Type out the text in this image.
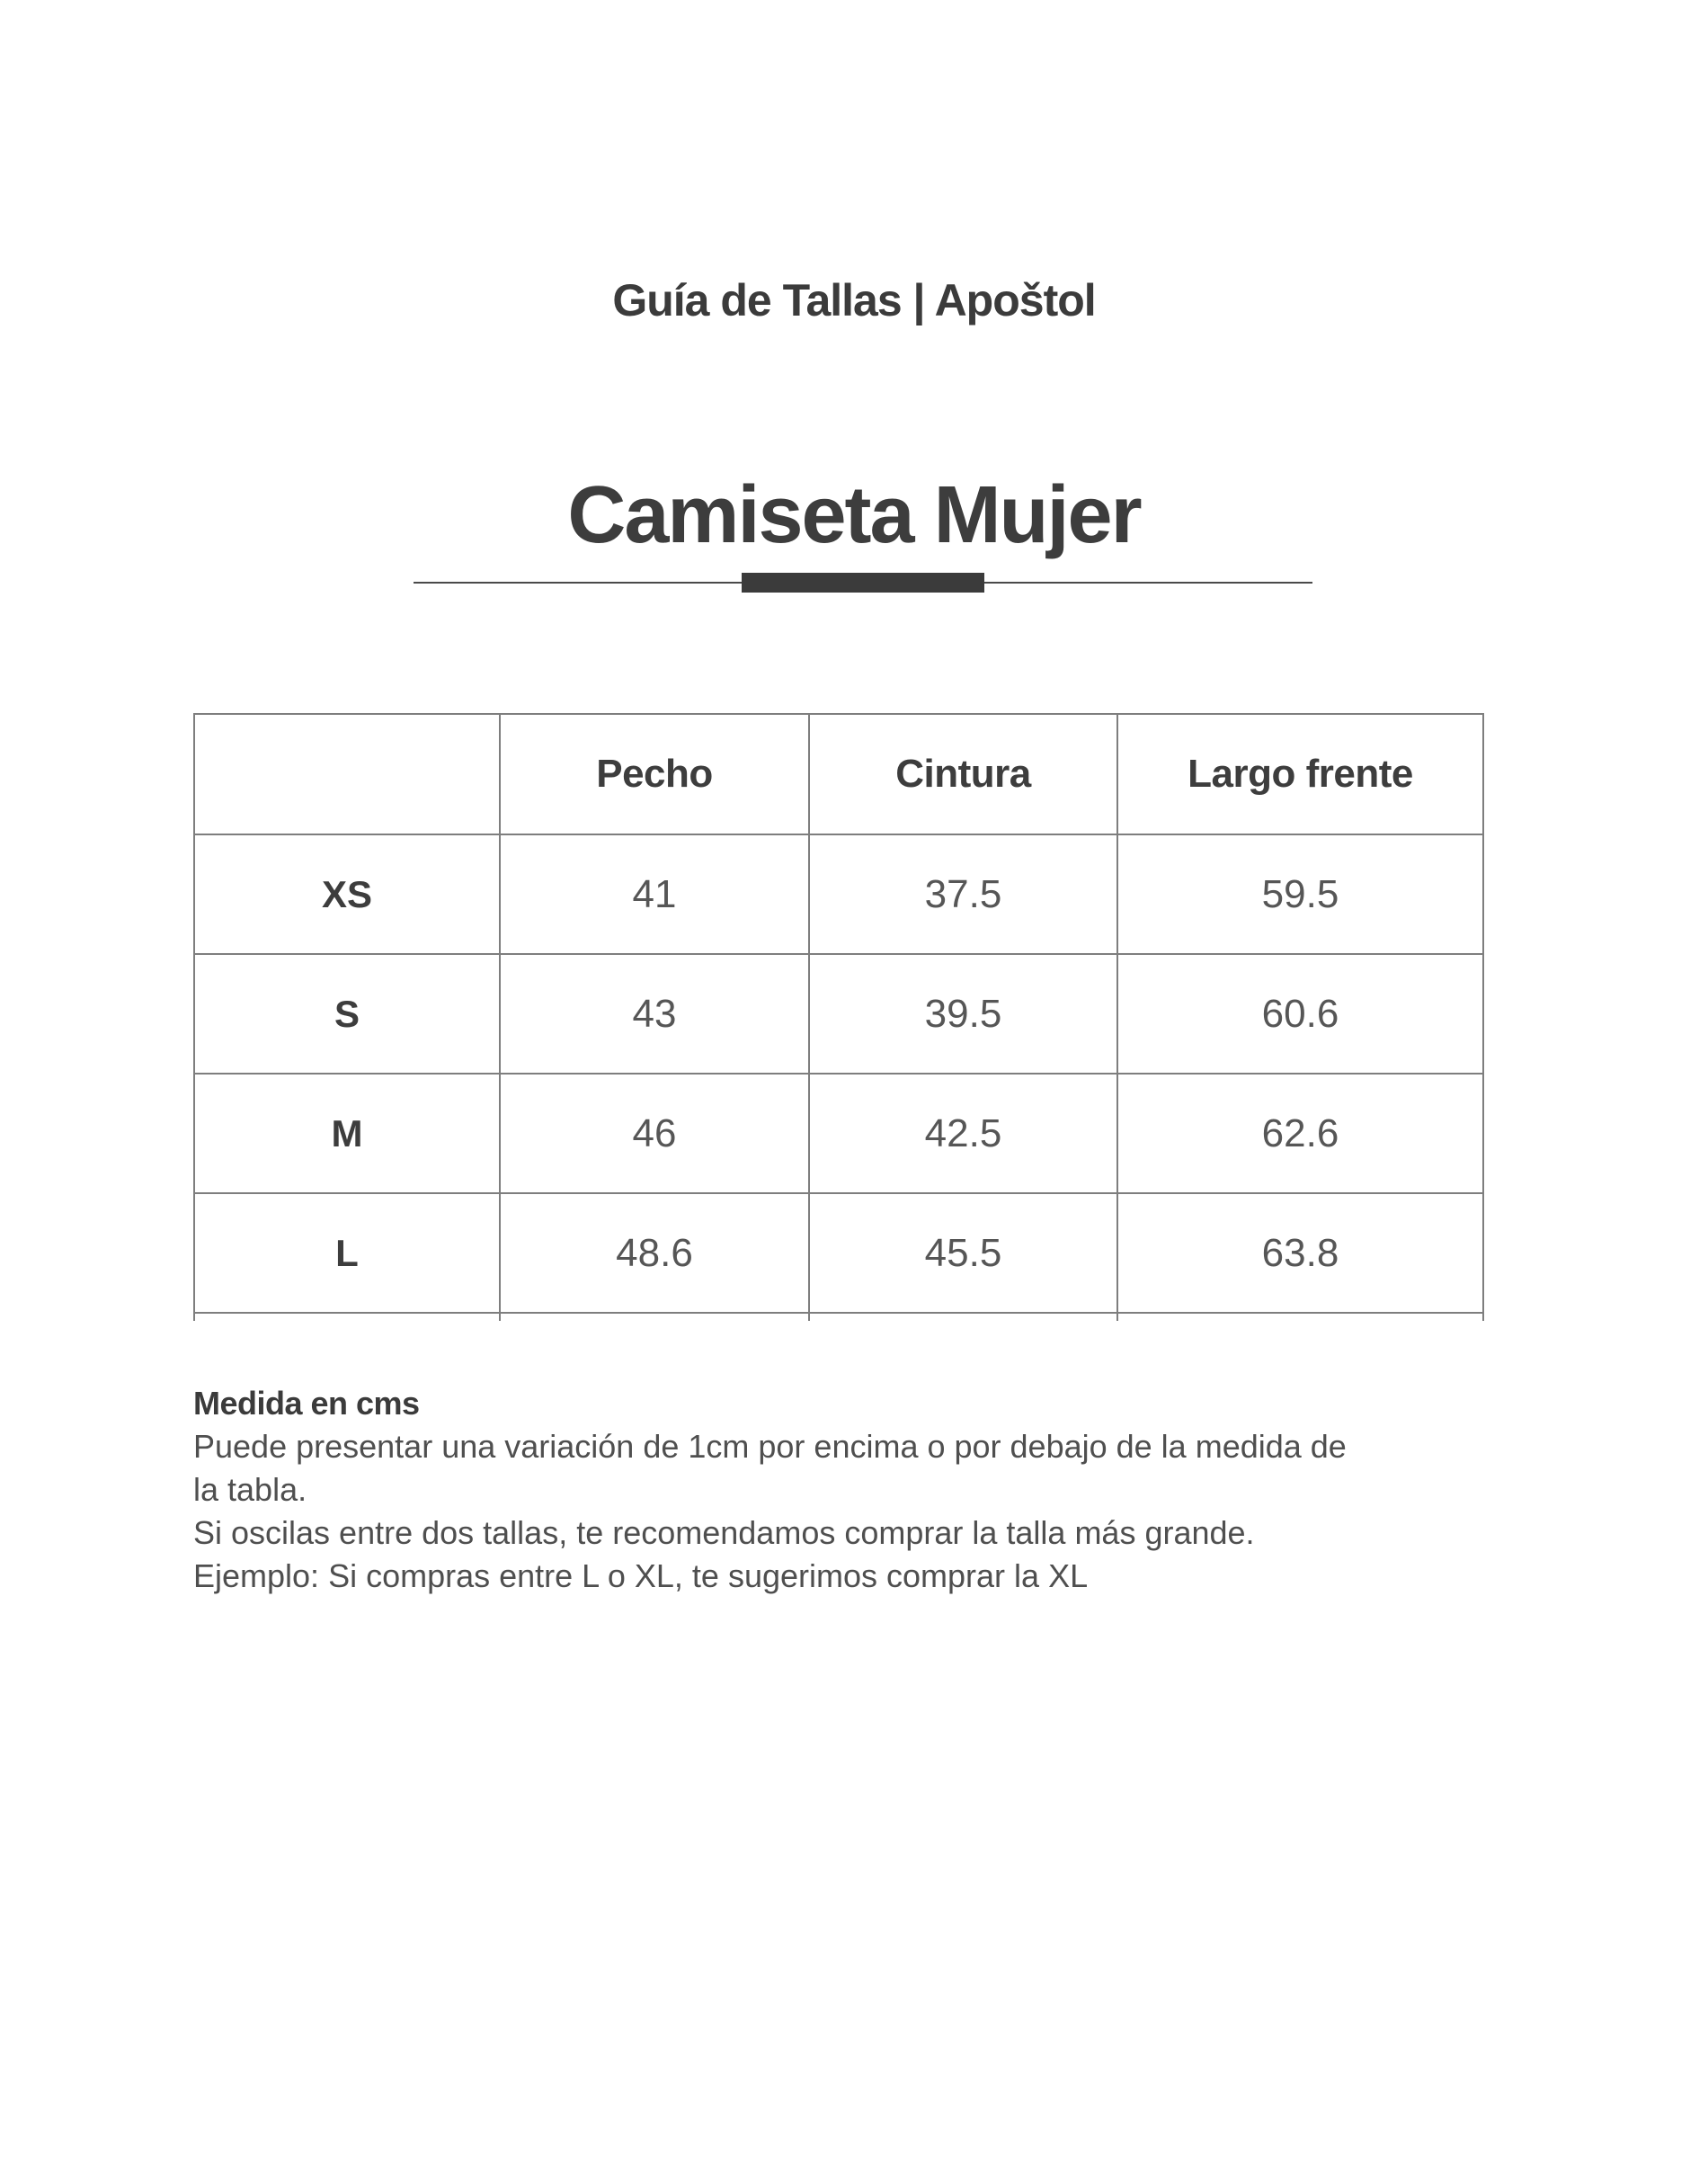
Guía de Tallas | Apoštol
Camiseta Mujer
	Pecho	Cintura	Largo frente
XS	41	37.5	59.5
S	43	39.5	60.6
M	46	42.5	62.6
L	48.6	45.5	63.8

Medida en cms
Puede presentar una variación de 1cm por encima o por debajo de la medida de
la tabla.
Si oscilas entre dos tallas, te recomendamos comprar la talla más grande.
Ejemplo: Si compras entre L o XL, te sugerimos comprar la XL
